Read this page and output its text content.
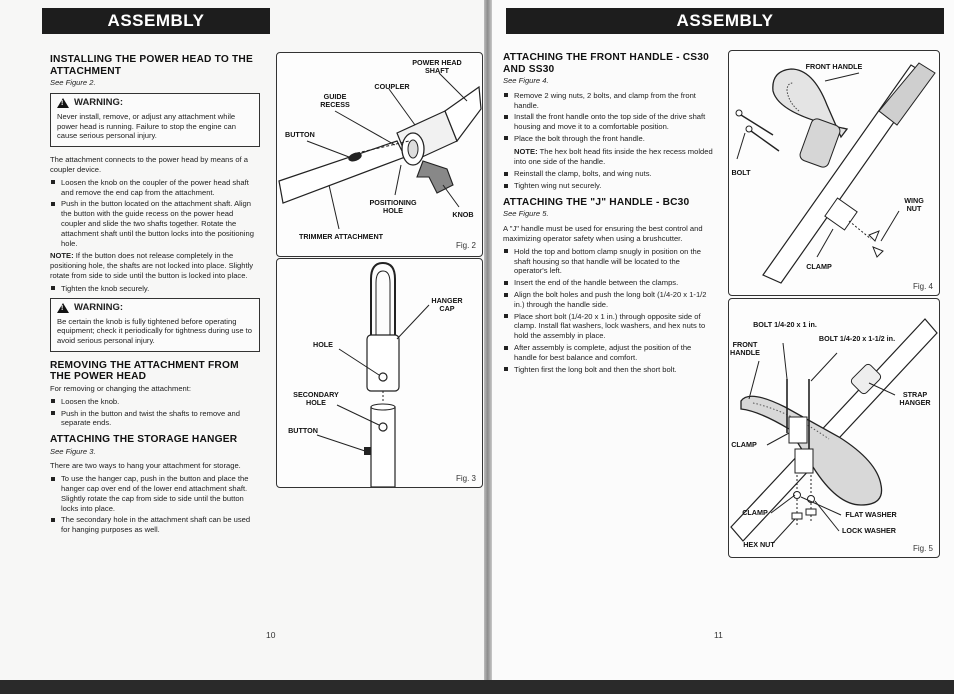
ASSEMBLY
INSTALLING THE POWER HEAD TO THE ATTACHMENT
See Figure 2.
!
WARNING:
Never install, remove, or adjust any attachment while power head is running. Failure to stop the engine can cause serious personal injury.

The attachment connects to the power head by means of a coupler device.

Loosen the knob on the coupler of the power head shaft and remove the end cap from the attachment.
Push in the button located on the attachment shaft. Align the button with the guide recess on the power head coupler and slide the two shafts together. Rotate the attachment shaft until the button locks into the positioning hole.

NOTE: If the button does not release completely in the positioning hole, the shafts are not locked into place. Slightly rotate from side to side until the button is locked into place.

Tighten the knob securely.
!
WARNING:
Be certain the knob is fully tightened before operating equipment; check it periodically for tightness during use to avoid serious personal injury.
REMOVING THE ATTACHMENT FROM THE POWER HEAD

For removing or changing the attachment:

Loosen the knob.
Push in the button and twist the shafts to remove and separate ends.
ATTACHING THE STORAGE HANGER
See Figure 3.

There are two ways to hang your attachment for storage.

To use the hanger cap, push in the button and place the hanger cap over end of the lower end attachment shaft. Slightly rotate the cap from side to side until the button locks into place.
The secondary hole in the attachment shaft can be used for hanging purposes as well.
POWER HEAD SHAFT
COUPLER
GUIDE RECESS
BUTTON
POSITIONING HOLE	KNOB
TRIMMER ATTACHMENT
Fig. 2
HANGER CAP
HOLE
SECONDARY HOLE
BUTTON
Fig. 3
10
ASSEMBLY
ATTACHING THE FRONT HANDLE - CS30 AND SS30
See Figure 4.
Remove 2 wing nuts, 2 bolts, and clamp from the front handle.
Install the front handle onto the top side of the drive shaft housing and move it to a comfortable position.
Place the bolt through the front handle.

NOTE: The hex bolt head fits inside the hex recess molded into one side of the handle.

Reinstall the clamp, bolts, and wing nuts.
Tighten wing nut securely.
ATTACHING THE "J" HANDLE - BC30
See Figure 5.

A "J" handle must be used for ensuring the best control and maximizing operator safety when using a brushcutter.

Hold the top and bottom clamp snugly in position on the shaft housing so that handle will be located to the operator's left.
Insert the end of the handle between the clamps.
Align the bolt holes and push the long bolt (1/4-20 x 1-1/2 in.) through the handle side.
Place short bolt (1/4-20 x 1 in.) through opposite side of clamp. Install flat washers, lock washers, and hex nuts to hold the assembly in place.
After assembly is complete, adjust the position of the handle for best balance and comfort.
Tighten first the long bolt and then the short bolt.
FRONT HANDLE
BOLT
WING NUT
CLAMP
Fig. 4
BOLT 1/4-20 x 1 in.
FRONT HANDLE
BOLT 1/4-20 x 1-1/2 in.
STRAP HANGER
CLAMP
CLAMP	FLAT WASHER
LOCK WASHER
HEX NUT	Fig. 5
11
